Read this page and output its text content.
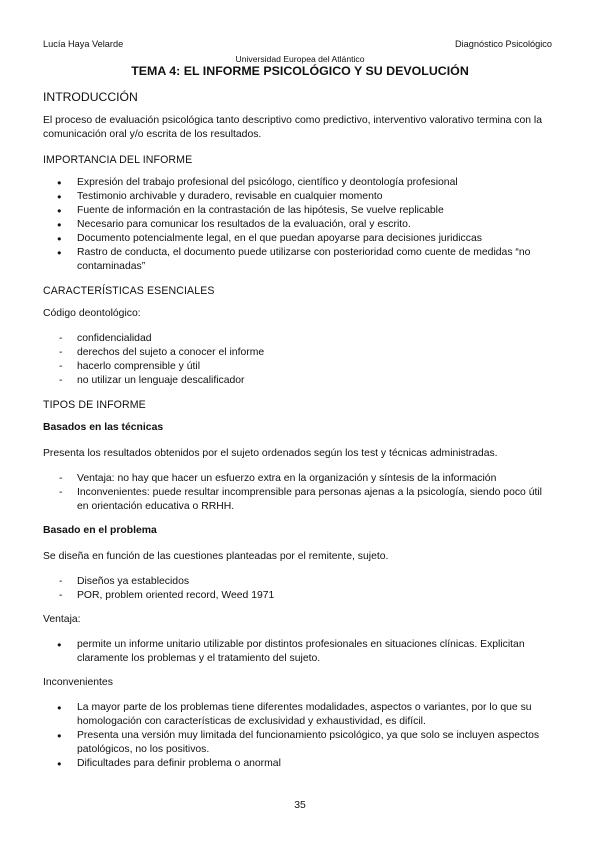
Lucía Haya Velarde	Diagnóstico Psicológico
Universidad Europea del Atlántico
TEMA 4: EL INFORME PSICOLÓGICO Y SU DEVOLUCIÓN
INTRODUCCIÓN
El proceso de evaluación psicológica tanto descriptivo como predictivo, interventivo valorativo termina con la comunicación oral y/o escrita de los resultados.
IMPORTANCIA DEL INFORME
● Expresión del trabajo profesional del psicólogo, científico y deontología profesional
● Testimonio archivable y duradero, revisable en cualquier momento
● Fuente de información en la contrastación de las hipótesis, Se vuelve replicable
● Necesario para comunicar los resultados de la evaluación, oral y escrito.
● Documento potencialmente legal, en el que puedan apoyarse para decisiones juridiccas
● Rastro de conducta, el documento puede utilizarse con posterioridad como cuente de medidas “no contaminadas”
CARACTERÍSTICAS ESENCIALES
Código deontológico:
- confidencialidad
- derechos del sujeto a conocer el informe
- hacerlo comprensible y útil
- no utilizar un lenguaje descalificador
TIPOS DE INFORME
Basados en las técnicas
Presenta los resultados obtenidos por el sujeto ordenados según los test y técnicas administradas.
- Ventaja: no hay que hacer un esfuerzo extra en la organización y síntesis de la información
- Inconvenientes: puede resultar incomprensible para personas ajenas a la psicología, siendo poco útil en orientación educativa o RRHH.
Basado en el problema
Se diseña en función de las cuestiones planteadas por el remitente, sujeto.
- Diseños ya establecidos
- POR, problem oriented record, Weed 1971
Ventaja:
● permite un informe unitario utilizable por distintos profesionales en situaciones clínicas. Explicitan claramente los problemas y el tratamiento del sujeto.
Inconvenientes
● La mayor parte de los problemas tiene diferentes modalidades, aspectos o variantes, por lo que su homologación con características de exclusividad y exhaustividad, es difícil.
● Presenta una versión muy limitada del funcionamiento psicológico, ya que solo se incluyen aspectos patológicos, no los positivos.
● Dificultades para definir problema o anormal
35
